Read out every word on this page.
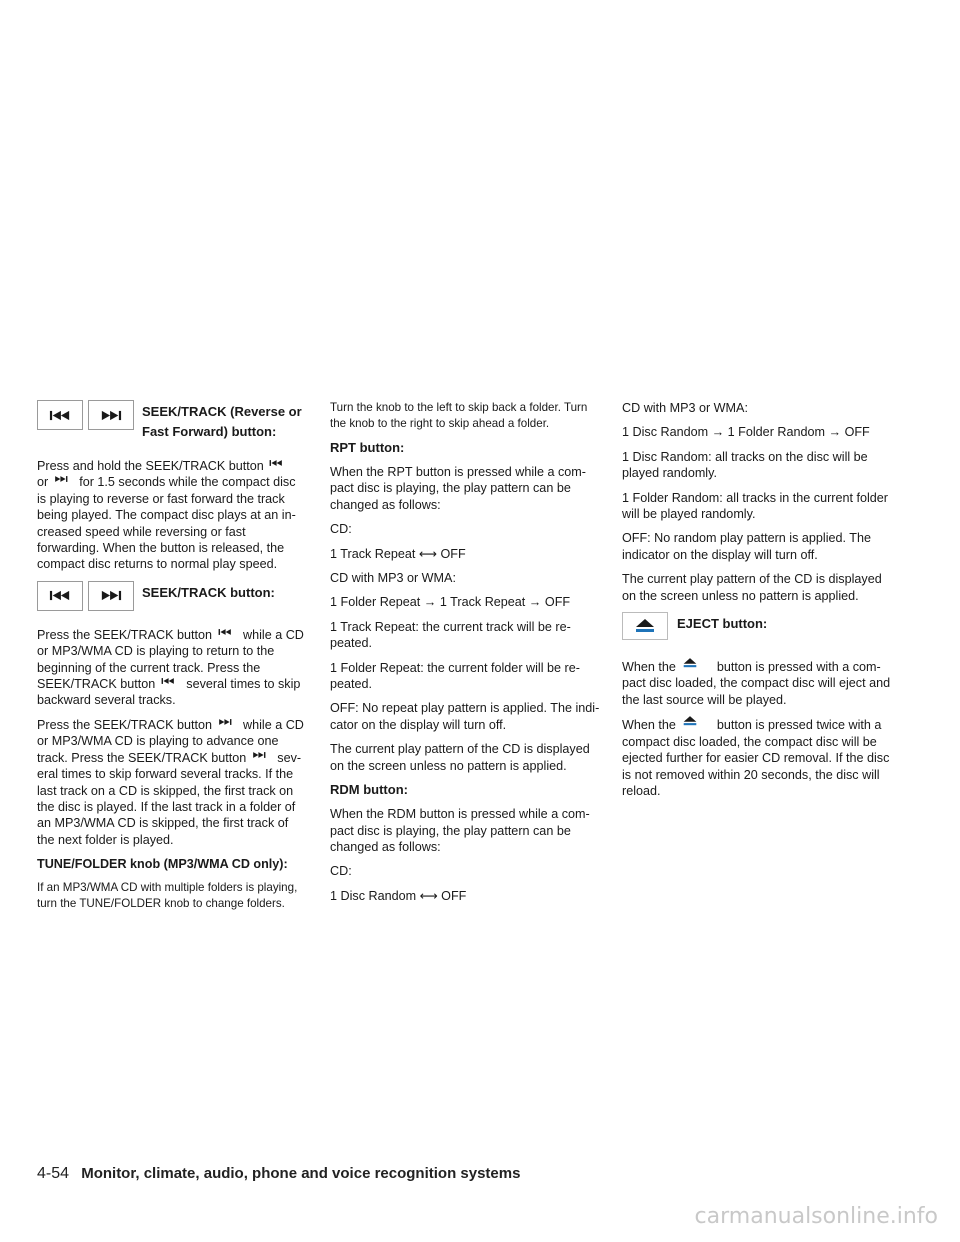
SEEK/TRACK (Reverse or Fast Forward) button:

Press and hold the SEEK/TRACK button
or for 1.5 seconds while the compact disc is playing to reverse or fast forward the track being played. The compact disc plays at an increased speed while reversing or fast forwarding. When the button is released, the compact disc returns to normal play speed.

SEEK/TRACK button:

Press the SEEK/TRACK button while a CD or MP3/WMA CD is playing to return to the beginning of the current track. Press the SEEK/TRACK button several times to skip backward several tracks.

Press the SEEK/TRACK button while a CD or MP3/WMA CD is playing to advance one track. Press the SEEK/TRACK button several times to skip forward several tracks. If the last track on a CD is skipped, the first track on the disc is played. If the last track in a folder of an MP3/WMA CD is skipped, the first track of the next folder is played.

TUNE/FOLDER knob (MP3/WMA CD only):

If an MP3/WMA CD with multiple folders is playing, turn the TUNE/FOLDER knob to change folders.

Turn the knob to the left to skip back a folder. Turn the knob to the right to skip ahead a folder.

RPT button:

When the RPT button is pressed while a compact disc is playing, the play pattern can be changed as follows:

CD:

1 Track Repeat ⟷ OFF

CD with MP3 or WMA:

1 Folder Repeat → 1 Track Repeat → OFF

1 Track Repeat: the current track will be repeated.

1 Folder Repeat: the current folder will be repeated.

OFF: No repeat play pattern is applied. The indicator on the display will turn off.

The current play pattern of the CD is displayed on the screen unless no pattern is applied.

RDM button:

When the RDM button is pressed while a compact disc is playing, the play pattern can be changed as follows:

CD:

1 Disc Random ⟷ OFF

CD with MP3 or WMA:

1 Disc Random → 1 Folder Random → OFF

1 Disc Random: all tracks on the disc will be played randomly.

1 Folder Random: all tracks in the current folder will be played randomly.

OFF: No random play pattern is applied. The indicator on the display will turn off.

The current play pattern of the CD is displayed on the screen unless no pattern is applied.

EJECT button:

When the	button is pressed with a compact disc loaded, the compact disc will eject and the last source will be played.

When the	button is pressed twice with a compact disc loaded, the compact disc will be ejected further for easier CD removal. If the disc is not removed within 20 seconds, the disc will reload.

4-54 Monitor, climate, audio, phone and voice recognition systems
carmanualsonline.info
